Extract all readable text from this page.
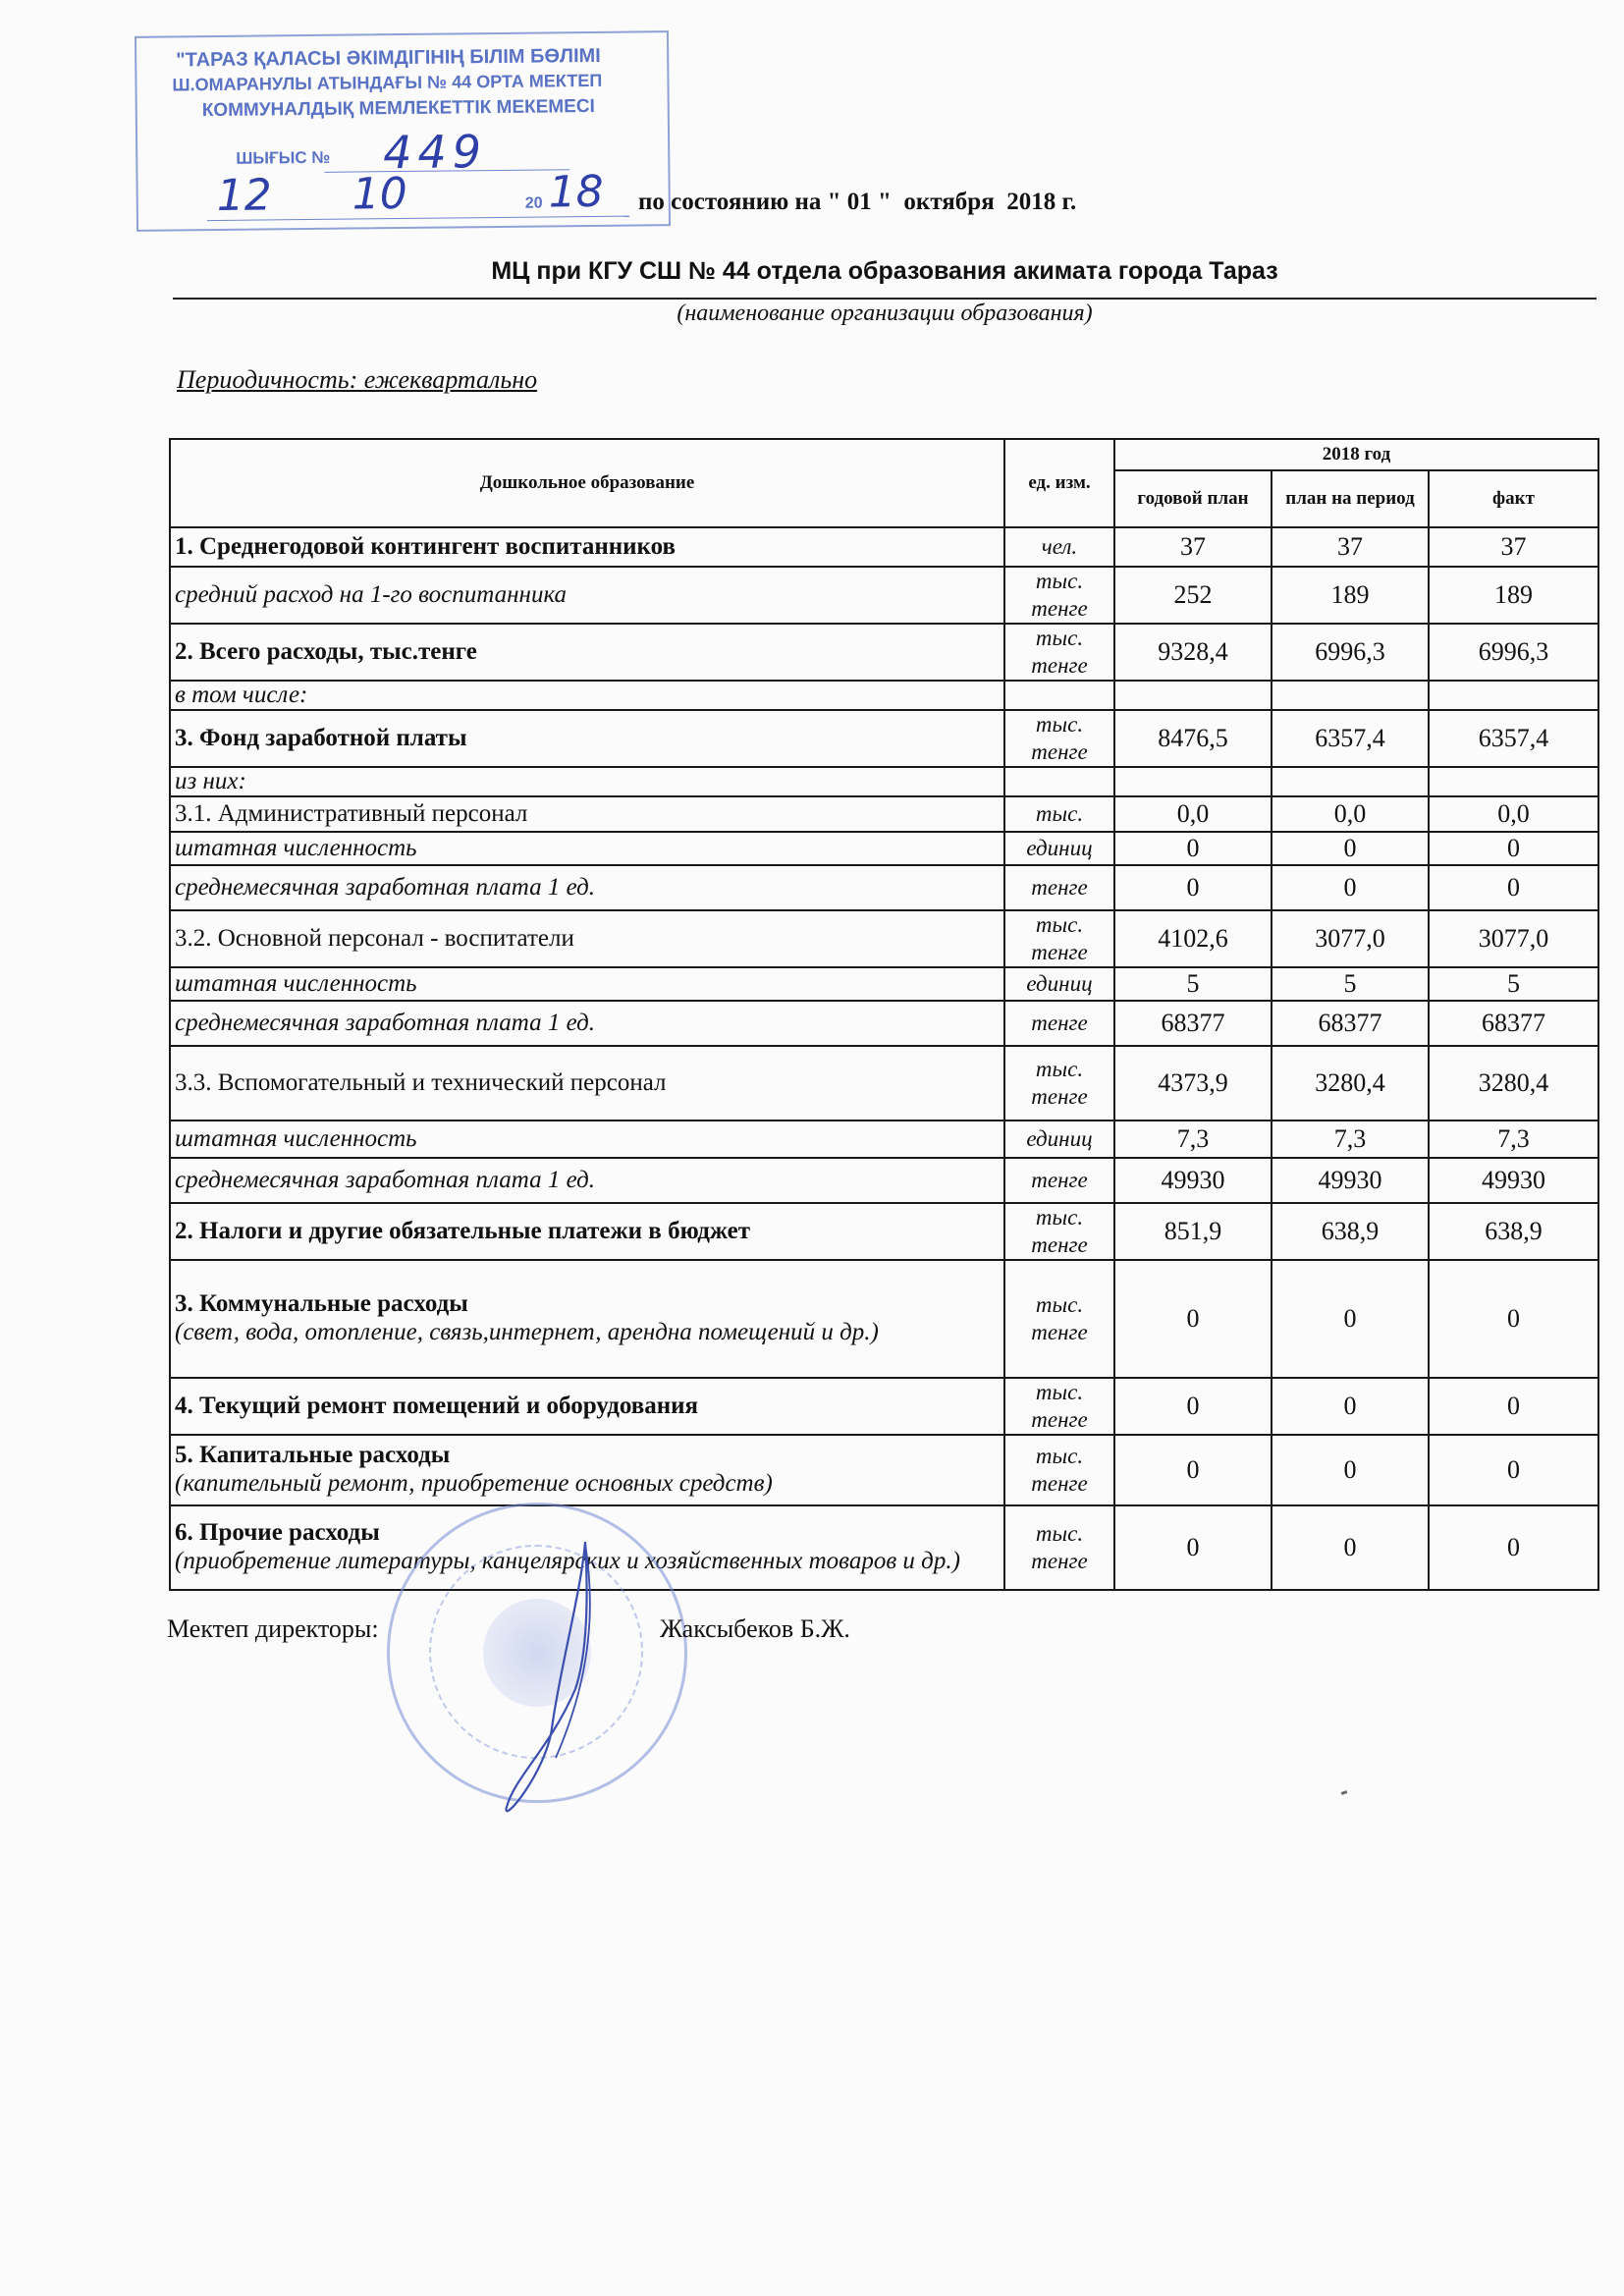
"ТАРАЗ ҚАЛАСЫ ӘКІМДІГІНІҢ БІЛІМ БӨЛІМІ
Ш.ОМАРАНУЛЫ АТЫНДАҒЫ № 44 ОРТА МЕКТЕП
КОММУНАЛДЫҚ МЕМЛЕКЕТТІК МЕКЕМЕСІ
ШЫҒЫС № 449
12 10	20 18 по состоянию на " 01 "  октября  2018 г.
МЦ при КГУ СШ № 44 отдела образования акимата города Тараз
(наименование организации образования)
Периодичность: ежеквартально
Дошкольное образование	ед. изм.	2018 год		
		годовой план	план на период	факт
1. Среднегодовой контингент воспитанников	чел.	37	37	37
средний расход на 1-го воспитанника	тыс. тенге	252	189	189
2. Всего расходы, тыс.тенге	тыс. тенге	9328,4	6996,3	6996,3
в том числе:				
3. Фонд заработной платы	тыс. тенге	8476,5	6357,4	6357,4
из них:				
3.1. Административный персонал	тыс.	0,0	0,0	0,0
штатная численность	единиц	0	0	0
среднемесячная заработная плата 1 ед.	тенге	0	0	0
3.2. Основной персонал - воспитатели	тыс. тенге	4102,6	3077,0	3077,0
штатная численность	единиц	5	5	5
среднемесячная заработная плата 1 ед.	тенге	68377	68377	68377
3.3. Вспомогательный и технический персонал	тыс. тенге	4373,9	3280,4	3280,4
штатная численность	единиц	7,3	7,3	7,3
среднемесячная заработная плата 1 ед.	тенге	49930	49930	49930
2. Налоги и другие обязательные платежи в бюджет	тыс. тенге	851,9	638,9	638,9
3. Коммунальные расходы
(свет, вода, отопление, связь,интернет, арендна помещений и др.)	тыс. тенге	0	0	0
4. Текущий ремонт помещений и оборудования	тыс. тенге	0	0	0
5. Капитальные расходы
(капительный ремонт, приобретение основных средств)	тыс. тенге	0	0	0
6. Прочие расходы
(приобретение литературы, канцелярских и хозяйственных товаров и др.)	тыс. тенге	0	0	0
Мектеп директоры:	Жаксыбеков Б.Ж.
